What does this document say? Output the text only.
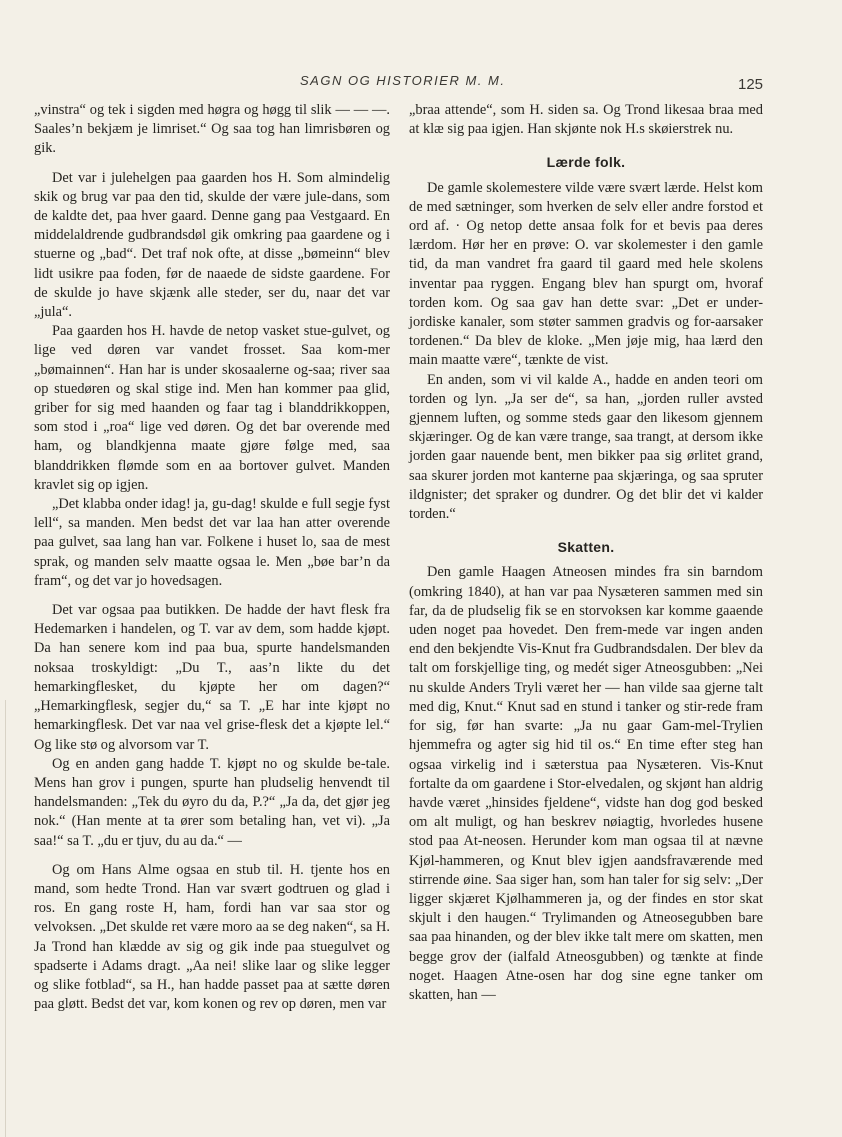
SAGN OG HISTORIER M. M.	125

„vinstra“ og tek i sigden med høgra og høgg til slik — — —. Saales’n bekjæm je limriset.“ Og saa tog han limrisbøren og gik.

Det var i julehelgen paa gaarden hos H. Som almindelig skik og brug var paa den tid, skulde der være jule-dans, som de kaldte det, paa hver gaard. Denne gang paa Vestgaard. En middelaldrende gudbrandsdøl gik omkring paa gaardene og i stuerne og „bad“. Det traf nok ofte, at disse „bømeinn“ blev lidt usikre paa foden, før de naaede de sidste gaardene. For de skulde jo have skjænk alle steder, ser du, naar det var „jula“.

Paa gaarden hos H. havde de netop vasket stue-gulvet, og lige ved døren var vandet frosset. Saa kom-mer „bømainnen“. Han har is under skosaalerne og-saa; river saa op stuedøren og skal stige ind. Men han kommer paa glid, griber for sig med haanden og faar tag i blanddrikkoppen, som stod i „roa“ lige ved døren. Og det bar overende med ham, og blandkjenna maate gjøre følge med, saa blanddrikken flømde som en aa bortover gulvet. Manden kravlet sig op igjen.

„Det klabba onder idag! ja, gu-dag! skulde e full segje fyst lell“, sa manden. Men bedst det var laa han atter overende paa gulvet, saa lang han var. Folkene i huset lo, saa de mest sprak, og manden selv maatte ogsaa le. Men „bøe bar’n da fram“, og det var jo hovedsagen.

Det var ogsaa paa butikken. De hadde der havt flesk fra Hedemarken i handelen, og T. var av dem, som hadde kjøpt. Da han senere kom ind paa bua, spurte handelsmanden noksaa troskyldigt: „Du T., aas’n likte du det hemarkingflesket, du kjøpte her om dagen?“ „Hemarkingflesk, segjer du,“ sa T. „E har inte kjøpt no hemarkingflesk. Det var naa vel grise-flesk det a kjøpte lel.“ Og like stø og alvorsom var T.

Og en anden gang hadde T. kjøpt no og skulde be-tale. Mens han grov i pungen, spurte han pludselig henvendt til handelsmanden: „Tek du øyro du da, P.?“ „Ja da, det gjør jeg nok.“ (Han mente at ta ører som betaling han, vet vi). „Ja saa!“ sa T. „du er tjuv, du au da.“ —

Og om Hans Alme ogsaa en stub til. H. tjente hos en mand, som hedte Trond. Han var svært godtruen og glad i ros. En gang roste H, ham, fordi han var saa stor og velvoksen. „Det skulde ret være moro aa se deg naken“, sa H. Ja Trond han klædde av sig og gik inde paa stuegulvet og spadserte i Adams dragt. „Aa nei! slike laar og slike legger og slike fotblad“, sa H., han hadde passet paa at sætte døren paa gløtt. Bedst det var, kom konen og rev op døren, men var

„braa attende“, som H. siden sa. Og Trond likesaa braa med at klæ sig paa igjen. Han skjønte nok H.s skøierstrek nu.

Lærde folk.

De gamle skolemestere vilde være svært lærde. Helst kom de med sætninger, som hverken de selv eller andre forstod et ord af. · Og netop dette ansaa folk for et bevis paa deres lærdom. Hør her en prøve: O. var skolemester i den gamle tid, da man vandret fra gaard til gaard med hele skolens inventar paa ryggen. Engang blev han spurgt om, hvoraf torden kom. Og saa gav han dette svar: „Det er under-jordiske kanaler, som støter sammen gradvis og for-aarsaker tordenen.“ Da blev de kloke. „Men jøje mig, haa lærd den main maatte være“, tænkte de vist.

En anden, som vi vil kalde A., hadde en anden teori om torden og lyn. „Ja ser de“, sa han, „jorden ruller avsted gjennem luften, og somme steds gaar den likesom gjennem skjæringer. Og de kan være trange, saa trangt, at dersom ikke jorden gaar nauende bent, men bikker paa sig ørlitet grand, saa skurer jorden mot kanterne paa skjæringa, og saa spruter ildgnister; det spraker og dundrer. Og det blir det vi kalder torden.“

Skatten.

Den gamle Haagen Atneosen mindes fra sin barndom (omkring 1840), at han var paa Nysæteren sammen med sin far, da de pludselig fik se en storvoksen kar komme gaaende uden noget paa hovedet. Den frem-mede var ingen anden end den bekjendte Vis-Knut fra Gudbrandsdalen. Der blev da talt om forskjellige ting, og medét siger Atneosgubben: „Nei nu skulde Anders Tryli været her — han vilde saa gjerne talt med dig, Knut.“ Knut sad en stund i tanker og stir-rede fram for sig, før han svarte: „Ja nu gaar Gam-mel-Trylien hjemmefra og agter sig hid til os.“ En time efter steg han ogsaa virkelig ind i sæterstua paa Nysæteren. Vis-Knut fortalte da om gaardene i Stor-elvedalen, og skjønt han aldrig havde været „hinsides fjeldene“, vidste han dog god besked om alt muligt, og han beskrev nøiagtig, hvorledes husene stod paa At-neosen. Herunder kom man ogsaa til at nævne Kjøl-hammeren, og Knut blev igjen aandsfraværende med stirrende øine. Saa siger han, som han taler for sig selv: „Der ligger skjæret Kjølhammeren ja, og der findes en stor skat skjult i den haugen.“ Trylimanden og Atneosegubben bare saa paa hinanden, og der blev ikke talt mere om skatten, men begge grov der (ialfald Atneosgubben) og tænkte at finde noget. Haagen Atne-osen har dog sine egne tanker om skatten, han —
